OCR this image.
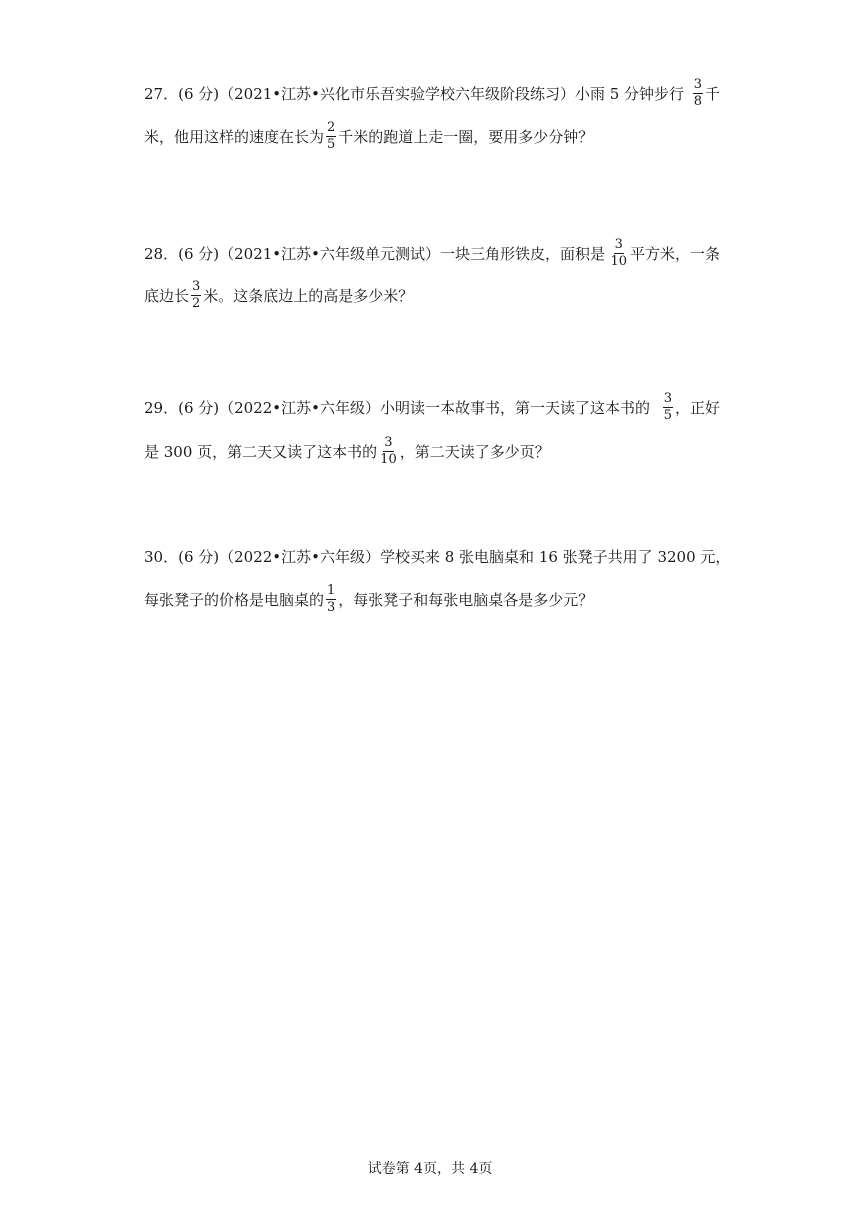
27．(6 分)（2021•江苏•兴化市乐吾实验学校六年级阶段练习）小雨 5 分钟步行 $\frac{3}{8}$ 千
米，他用这样的速度在长为 $\frac{2}{5}$ 千米的跑道上走一圈，要用多少分钟？
28．(6 分)（2021•江苏•六年级单元测试）一块三角形铁皮，面积是 $\frac{3}{10}$ 平方米，一条
底边长 $\frac{3}{2}$ 米。这条底边上的高是多少米？
29．(6 分)（2022•江苏•六年级）小明读一本故事书，第一天读了这本书的 $\frac{3}{5}$ ，正好
是 300 页，第二天又读了这本书的 $\frac{3}{10}$ ，第二天读了多少页？
30．(6 分)（2022•江苏•六年级）学校买来 8 张电脑桌和 16 张凳子共用了 3200 元，
每张凳子的价格是电脑桌的 $\frac{1}{3}$ ，每张凳子和每张电脑桌各是多少元？
试卷第 4页，共 4页
